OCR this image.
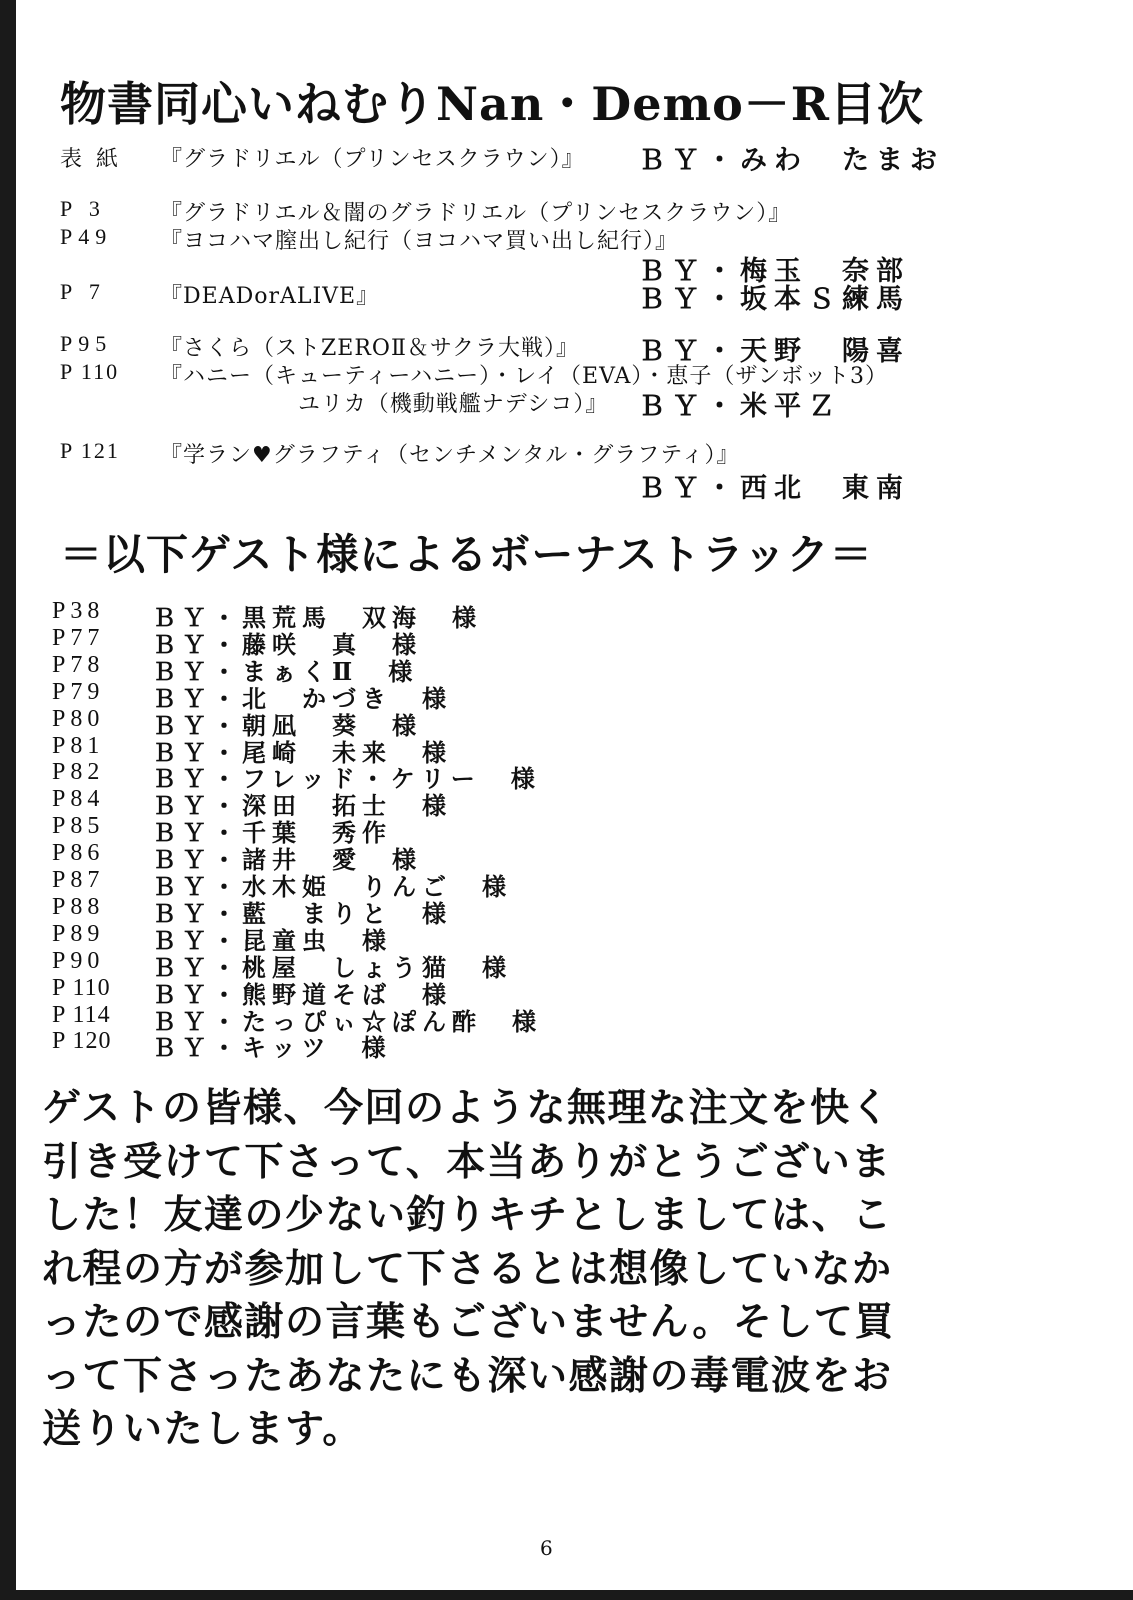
物書同心いねむりNan・Demo－R目次
表紙 『グラドリエル（プリンセスクラウン）』 ＢＹ・みわ　たまお
P 3 『グラドリエル＆闇のグラドリエル（プリンセスクラウン）』
P49 『ヨコハマ膣出し紀行（ヨコハマ買い出し紀行）』
ＢＹ・梅玉　奈部
P 7 『DEADorALIVE』	ＢＹ・坂本Ｓ練馬
P95 『さくら（ストZEROⅡ＆サクラ大戦）』 ＢＹ・天野　陽喜
P 110 『ハニー（キューティーハニー）・レイ（EVA）・恵子（ザンボット3）
ユリカ（機動戦艦ナデシコ）』 ＢＹ・米平Ｚ
P 121 『学ラン♥グラフティ（センチメンタル・グラフティ）』
ＢＹ・西北　東南
＝以下ゲスト様によるボーナストラック＝
P38 ＢＹ・黒荒馬　双海　様
P77 ＢＹ・藤咲　真　様
P78 ＢＹ・まぁくⅡ　様
P79 ＢＹ・北　かづき　様
P80 ＢＹ・朝凪　葵　様
P81 ＢＹ・尾崎　未来　様
P82 ＢＹ・フレッド・ケリー　様
P84 ＢＹ・深田　拓士　様
P85 ＢＹ・千葉　秀作
P86 ＢＹ・諸井　愛　様
P87 ＢＹ・水木姫　りんご　様
P88 ＢＹ・藍　まりと　様
P89 ＢＹ・昆童虫　様
P90 ＢＹ・桃屋　しょう猫　様
P 110 ＢＹ・熊野道そば　様
P 114 ＢＹ・たっぴぃ☆ぽん酢　様
P 120 ＢＹ・キッツ　様
ゲストの皆様、今回のような無理な注文を快く
引き受けて下さって、本当ありがとうございま
した！友達の少ない釣りキチとしましては、こ
れ程の方が参加して下さるとは想像していなか
ったので感謝の言葉もございません。そして買
って下さったあなたにも深い感謝の毒電波をお
送りいたします。
6
